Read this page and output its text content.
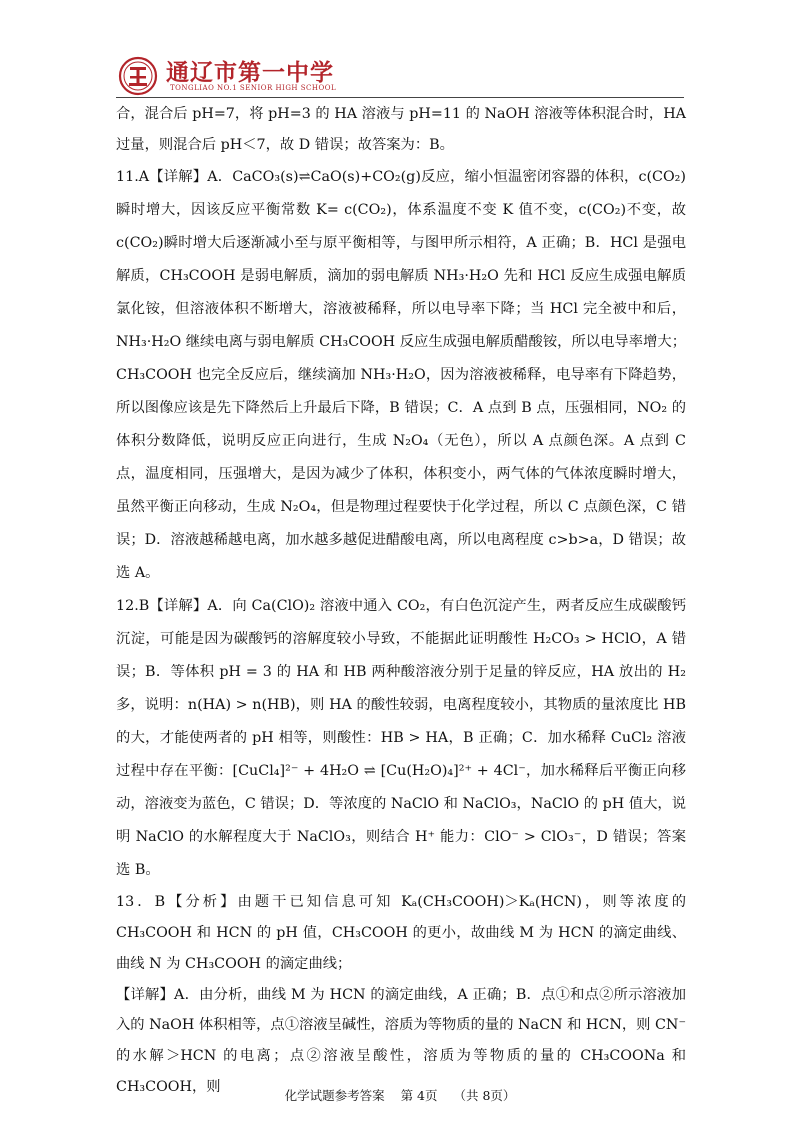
通辽市第一中学
TONGLIAO NO.1 SENIOR HIGH SCHOOL

合，混合后 pH=7，将 pH=3 的 HA 溶液与 pH=11 的 NaOH 溶液等体积混合时，HA 过量，则混合后 pH＜7，故 D 错误；故答案为：B。

11.A【详解】A．CaCO₃(s)⇌CaO(s)+CO₂(g)反应，缩小恒温密闭容器的体积，c(CO₂)瞬时增大，因该反应平衡常数 K= c(CO₂)，体系温度不变 K 值不变，c(CO₂)不变，故 c(CO₂)瞬时增大后逐渐减小至与原平衡相等，与图甲所示相符，A 正确；B．HCl 是强电解质，CH₃COOH 是弱电解质，滴加的弱电解质 NH₃·H₂O 先和 HCl 反应生成强电解质氯化铵，但溶液体积不断增大，溶液被稀释，所以电导率下降；当 HCl 完全被中和后，NH₃·H₂O 继续电离与弱电解质 CH₃COOH 反应生成强电解质醋酸铵，所以电导率增大；CH₃COOH 也完全反应后，继续滴加 NH₃·H₂O，因为溶液被稀释，电导率有下降趋势，所以图像应该是先下降然后上升最后下降，B 错误；C．A 点到 B 点，压强相同，NO₂ 的体积分数降低，说明反应正向进行，生成 N₂O₄（无色），所以 A 点颜色深。A 点到 C 点，温度相同，压强增大，是因为减少了体积，体积变小，两气体的气体浓度瞬时增大，虽然平衡正向移动，生成 N₂O₄，但是物理过程要快于化学过程，所以 C 点颜色深，C 错误；D．溶液越稀越电离，加水越多越促进醋酸电离，所以电离程度 c>b>a，D 错误；故选 A。

12.B【详解】A．向 Ca(ClO)₂ 溶液中通入 CO₂，有白色沉淀产生，两者反应生成碳酸钙沉淀，可能是因为碳酸钙的溶解度较小导致，不能据此证明酸性 H₂CO₃ > HClO，A 错误；B．等体积 pH = 3 的 HA 和 HB 两种酸溶液分别于足量的锌反应，HA 放出的 H₂ 多，说明：n(HA) > n(HB)，则 HA 的酸性较弱，电离程度较小，其物质的量浓度比 HB 的大，才能使两者的 pH 相等，则酸性：HB > HA，B 正确；C．加水稀释 CuCl₂ 溶液过程中存在平衡：[CuCl₄]²⁻ + 4H₂O ⇌ [Cu(H₂O)₄]²⁺ + 4Cl⁻，加水稀释后平衡正向移动，溶液变为蓝色，C 错误；D．等浓度的 NaClO 和 NaClO₃，NaClO 的 pH 值大，说明 NaClO 的水解程度大于 NaClO₃，则结合 H⁺ 能力：ClO⁻ > ClO₃⁻，D 错误；答案选 B。

13．B【分析】由题干已知信息可知 Kₐ(CH₃COOH)＞Kₐ(HCN)，则等浓度的 CH₃COOH 和 HCN 的 pH 值，CH₃COOH 的更小，故曲线 M 为 HCN 的滴定曲线、曲线 N 为 CH₃COOH 的滴定曲线；

【详解】A．由分析，曲线 M 为 HCN 的滴定曲线，A 正确；B．点①和点②所示溶液加入的 NaOH 体积相等，点①溶液呈碱性，溶质为等物质的量的 NaCN 和 HCN，则 CN⁻的水解＞HCN 的电离；点②溶液呈酸性，溶质为等物质的量的 CH₃COONa 和 CH₃COOH，则

化学试题参考答案 第 4页 （共 8页）
